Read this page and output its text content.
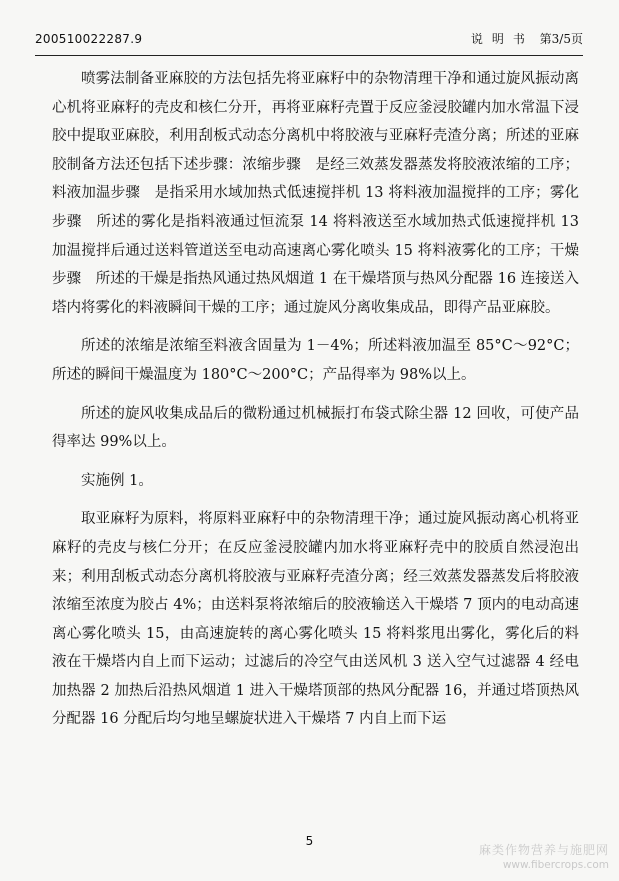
200510022287.9	说明书 第3/5页

喷雾法制备亚麻胶的方法包括先将亚麻籽中的杂物清理干净和通过旋风振动离心机将亚麻籽的壳皮和核仁分开，再将亚麻籽壳置于反应釜浸胶罐内加水常温下浸胶中提取亚麻胶，利用刮板式动态分离机中将胶液与亚麻籽壳渣分离；所述的亚麻胶制备方法还包括下述步骤：浓缩步骤　是经三效蒸发器蒸发将胶液浓缩的工序；料液加温步骤　是指采用水域加热式低速搅拌机 13 将料液加温搅拌的工序；雾化步骤　所述的雾化是指料液通过恒流泵 14 将料液送至水域加热式低速搅拌机 13 加温搅拌后通过送料管道送至电动高速离心雾化喷头 15 将料液雾化的工序；干燥步骤　所述的干燥是指热风通过热风烟道 1 在干燥塔顶与热风分配器 16 连接送入塔内将雾化的料液瞬间干燥的工序；通过旋风分离收集成品，即得产品亚麻胶。

所述的浓缩是浓缩至料液含固量为 1－4%；所述料液加温至 85°C～92°C；所述的瞬间干燥温度为 180°C～200°C；产品得率为 98%以上。

所述的旋风收集成品后的微粉通过机械振打布袋式除尘器 12 回收，可使产品得率达 99%以上。

实施例 1。

取亚麻籽为原料，将原料亚麻籽中的杂物清理干净；通过旋风振动离心机将亚麻籽的壳皮与核仁分开；在反应釜浸胶罐内加水将亚麻籽壳中的胶质自然浸泡出来；利用刮板式动态分离机将胶液与亚麻籽壳渣分离；经三效蒸发器蒸发后将胶液浓缩至浓度为胶占 4%；由送料泵将浓缩后的胶液输送入干燥塔 7 顶内的电动高速离心雾化喷头 15，由高速旋转的离心雾化喷头 15 将料浆甩出雾化，雾化后的料液在干燥塔内自上而下运动；过滤后的冷空气由送风机 3 送入空气过滤器 4 经电加热器 2 加热后沿热风烟道 1 进入干燥塔顶部的热风分配器 16，并通过塔顶热风分配器 16 分配后均匀地呈螺旋状进入干燥塔 7 内自上而下运

5
麻类作物营养与施肥网
www.fibercrops.com
